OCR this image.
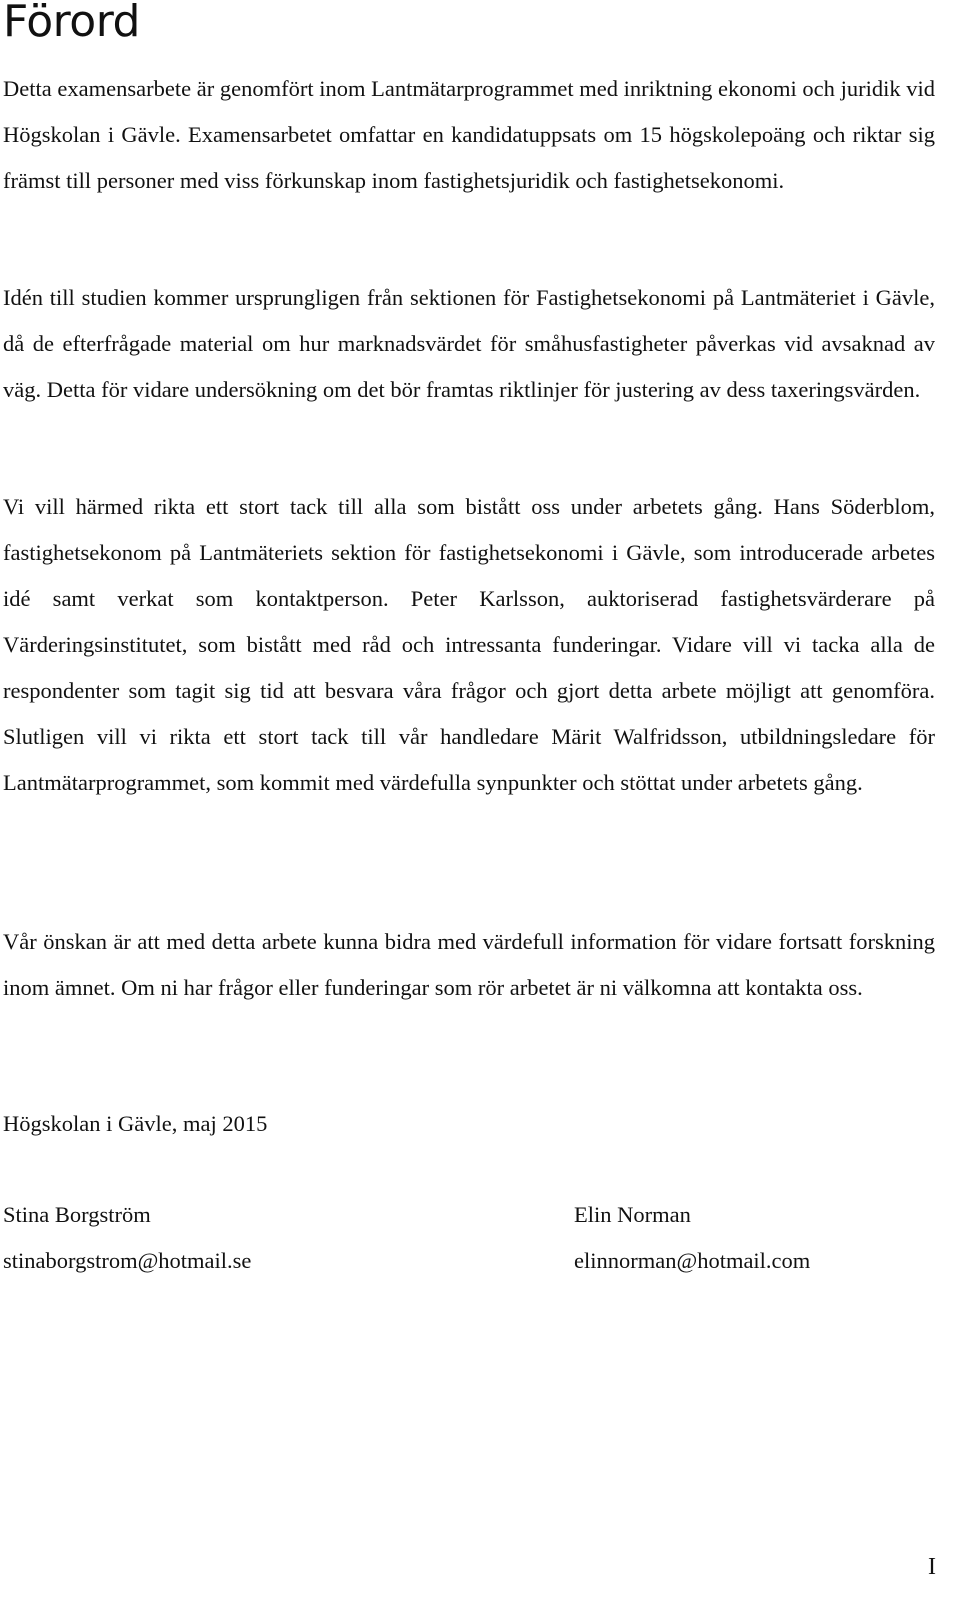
Förord

Detta examensarbete är genomfört inom Lantmätarprogrammet med inriktning ekonomi och juridik vid Högskolan i Gävle. Examensarbetet omfattar en kandidatuppsats om 15 högskolepoäng och riktar sig främst till personer med viss förkunskap inom fastighetsjuridik och fastighetsekonomi.

Idén till studien kommer ursprungligen från sektionen för Fastighetsekonomi på Lantmäteriet i Gävle, då de efterfrågade material om hur marknadsvärdet för småhusfastigheter påverkas vid avsaknad av väg. Detta för vidare undersökning om det bör framtas riktlinjer för justering av dess taxeringsvärden.

Vi vill härmed rikta ett stort tack till alla som bistått oss under arbetets gång. Hans Söderblom, fastighetsekonom på Lantmäteriets sektion för fastighetsekonomi i Gävle, som introducerade arbetes idé samt verkat som kontaktperson. Peter Karlsson, auktoriserad fastighetsvärderare på Värderingsinstitutet, som bistått med råd och intressanta funderingar. Vidare vill vi tacka alla de respondenter som tagit sig tid att besvara våra frågor och gjort detta arbete möjligt att genomföra. Slutligen vill vi rikta ett stort tack till vår handledare Märit Walfridsson, utbildningsledare för Lantmätarprogrammet, som kommit med värdefulla synpunkter och stöttat under arbetets gång.

Vår önskan är att med detta arbete kunna bidra med värdefull information för vidare fortsatt forskning inom ämnet. Om ni har frågor eller funderingar som rör arbetet är ni välkomna att kontakta oss.

Högskolan i Gävle, maj 2015

Stina Borgström
stinaborgstrom@hotmail.se
Elin Norman
elinnorman@hotmail.com
I
